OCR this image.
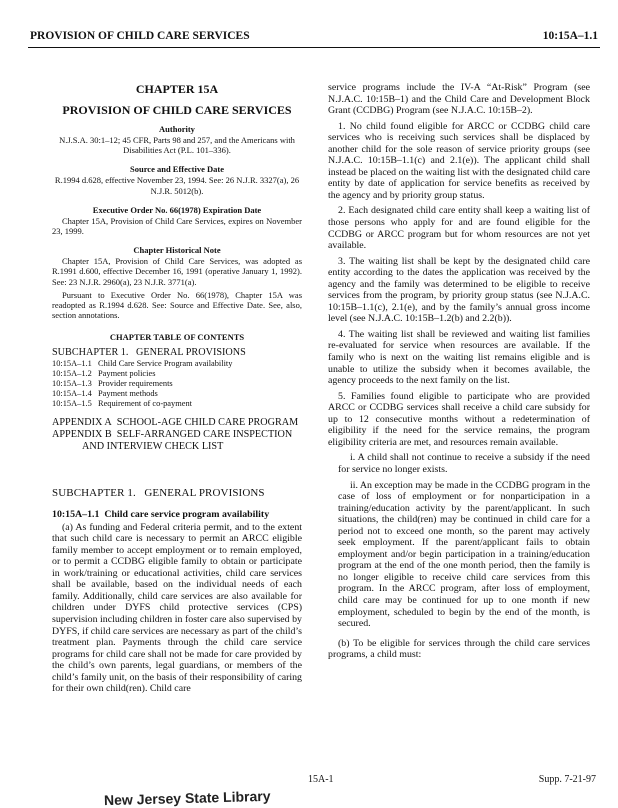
PROVISION OF CHILD CARE SERVICES	10:15A–1.1

CHAPTER 15A

PROVISION OF CHILD CARE SERVICES

Authority

N.J.S.A. 30:1–12; 45 CFR, Parts 98 and 257, and the Americans with Disabilities Act (P.L. 101–336).

Source and Effective Date

R.1994 d.628, effective November 23, 1994. See: 26 N.J.R. 3327(a), 26 N.J.R. 5012(b).

Executive Order No. 66(1978) Expiration Date

Chapter 15A, Provision of Child Care Services, expires on November 23, 1999.

Chapter Historical Note

Chapter 15A, Provision of Child Care Services, was adopted as R.1991 d.600, effective December 16, 1991 (operative January 1, 1992). See: 23 N.J.R. 2960(a), 23 N.J.R. 3771(a).

Pursuant to Executive Order No. 66(1978), Chapter 15A was readopted as R.1994 d.628. See: Source and Effective Date. See, also, section annotations.

CHAPTER TABLE OF CONTENTS

SUBCHAPTER 1.   GENERAL PROVISIONS

10:15A–1.1 Child Care Service Program availability
10:15A–1.2 Payment policies
10:15A–1.3 Provider requirements
10:15A–1.4 Payment methods
10:15A–1.5 Requirement of co-payment

APPENDIX A  SCHOOL-AGE CHILD CARE PROGRAM

APPENDIX B  SELF-ARRANGED CARE INSPECTION

AND INTERVIEW CHECK LIST

SUBCHAPTER 1.   GENERAL PROVISIONS

10:15A–1.1  Child care service program availability

(a) As funding and Federal criteria permit, and to the extent that such child care is necessary to permit an ARCC eligible family member to accept employment or to remain employed, or to permit a CCDBG eligible family to obtain or participate in work/training or educational activities, child care services shall be available, based on the individual needs of each family. Additionally, child care services are also available for children under DYFS child protective services (CPS) supervision including children in foster care also supervised by DYFS, if child care services are necessary as part of the child’s treatment plan. Payments through the child care service programs for child care shall not be made for care provided by the child’s own parents, legal guardians, or members of the child’s family unit, on the basis of their responsibility of caring for their own child(ren). Child care

service programs include the IV-A “At-Risk” Program (see N.J.A.C. 10:15B–1) and the Child Care and Development Block Grant (CCDBG) Program (see N.J.A.C. 10:15B–2).

1. No child found eligible for ARCC or CCDBG child care services who is receiving such services shall be displaced by another child for the sole reason of service priority groups (see N.J.A.C. 10:15B–1.1(c) and 2.1(e)). The applicant child shall instead be placed on the waiting list with the designated child care entity by date of application for service benefits as received by the agency and by priority group status.

2. Each designated child care entity shall keep a waiting list of those persons who apply for and are found eligible for the CCDBG or ARCC program but for whom resources are not yet available.

3. The waiting list shall be kept by the designated child care entity according to the dates the application was received by the agency and the family was determined to be eligible to receive services from the program, by priority group status (see N.J.A.C. 10:15B–1.1(c), 2.1(e), and by the family’s annual gross income level (see N.J.A.C. 10:15B–1.2(b) and 2.2(b)).

4. The waiting list shall be reviewed and waiting list families re-evaluated for service when resources are available. If the family who is next on the waiting list remains eligible and is unable to utilize the subsidy when it becomes available, the agency proceeds to the next family on the list.

5. Families found eligible to participate who are provided ARCC or CCDBG services shall receive a child care subsidy for up to 12 consecutive months without a redetermination of eligibility if the need for the service remains, the program eligibility criteria are met, and resources remain available.

i. A child shall not continue to receive a subsidy if the need for service no longer exists.

ii. An exception may be made in the CCDBG program in the case of loss of employment or for nonparticipation in a training/education activity by the parent/applicant. In such situations, the child(ren) may be continued in child care for a period not to exceed one month, so the parent may actively seek employment. If the parent/applicant fails to obtain employment and/or begin participation in a training/education program at the end of the one month period, then the family is no longer eligible to receive child care services from this program. In the ARCC program, after loss of employment, child care may be continued for up to one month if new employment, scheduled to begin by the end of the month, is secured.

(b) To be eligible for services through the child care services programs, a child must:

15A-1	Supp. 7-21-97
New Jersey State Library
